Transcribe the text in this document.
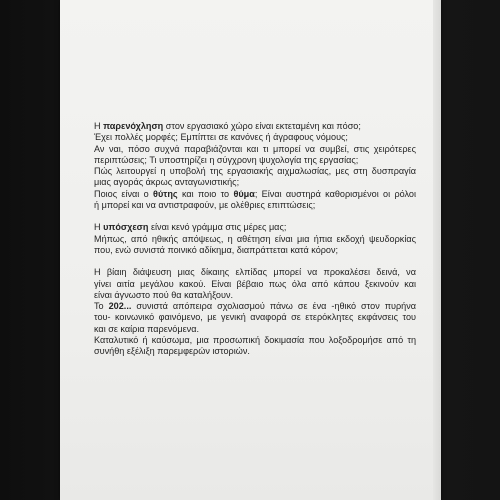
Η παρενόχληση στον εργασιακό χώρο είναι εκτεταμένη και πόσο;
Έχει πολλές μορφές; Εμπίπτει σε κανόνες ή άγραφους νόμους;
Αν ναι, πόσο συχνά παραβιάζονται και τι μπορεί να συμβεί, στις χειρότερες
περιπτώσεις; Τι υποστηρίζει η σύγχρονη ψυχολογία της εργασίας;
Πώς λειτουργεί η υποβολή της εργασιακής αιχμαλωσίας, μες στη δυσπραγία
μιας αγοράς άκρως ανταγωνιστικής;
Ποιος είναι ο θύτης και ποιο το θύμα; Είναι αυστηρά καθορισμένοι οι ρόλοι
ή μπορεί και να αντιστραφούν, με ολέθριες επιπτώσεις;
Η υπόσχεση είναι κενό γράμμα στις μέρες μας;
Μήπως, από ηθικής απόψεως, η αθέτηση είναι μια ήπια εκδοχή ψευδορκίας
που, ενώ συνιστά ποινικό αδίκημα, διαπράττεται κατά κόρον;
Η βίαιη διάψευση μιας δίκαιης ελπίδας μπορεί να προκαλέσει δεινά, να
γίνει αιτία μεγάλου κακού. Είναι βέβαιο πως όλα από κάπου ξεκινούν και
είναι άγνωστο πού θα καταλήξουν.
Το 202... συνιστά απόπειρα σχολιασμού πάνω σε ένα -ηθικό στον πυρήνα
του- κοινωνικό φαινόμενο, με γενική αναφορά σε ετερόκλητες εκφάνσεις του
και σε καίρια παρενόμενα.
Καταλυτικό ή καύσωμα, μια προσωπική δοκιμασία που λοξοδρομήσε από τη
συνήθη εξέλιξη παρεμφερών ιστοριών.
